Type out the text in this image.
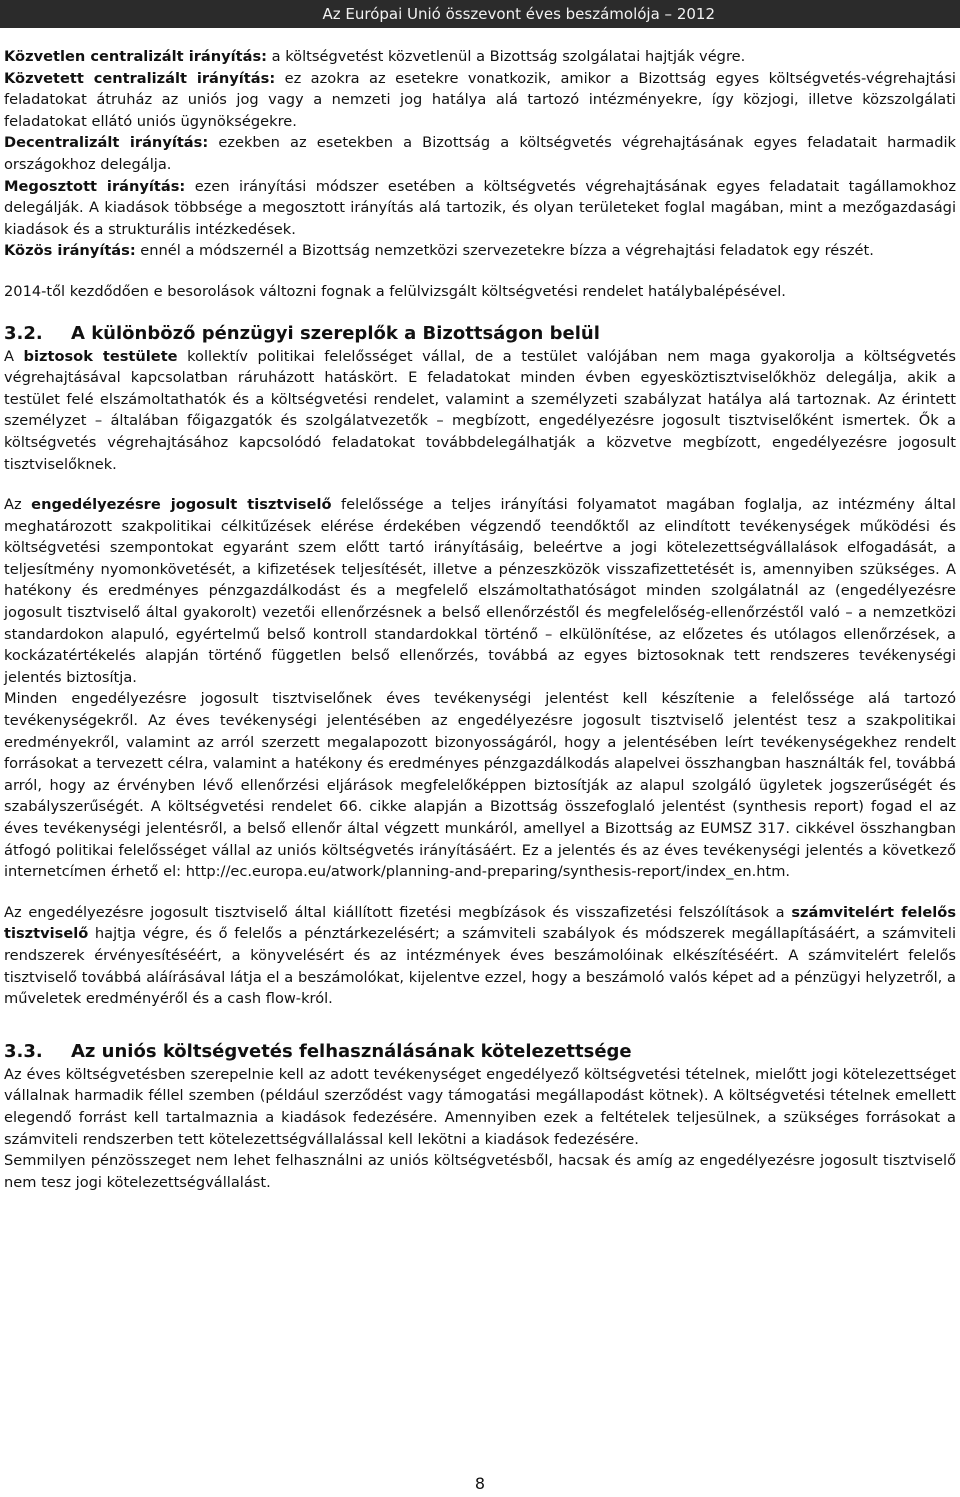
Az Európai Unió összevont éves beszámolója – 2012

Közvetlen centralizált irányítás: a költségvetést közvetlenül a Bizottság szolgálatai hajtják végre.

Közvetett centralizált irányítás: ez azokra az esetekre vonatkozik, amikor a Bizottság egyes költségvetés-végrehajtási feladatokat átruház az uniós jog vagy a nemzeti jog hatálya alá tartozó intézményekre, így közjogi, illetve közszolgálati feladatokat ellátó uniós ügynökségekre.

Decentralizált irányítás: ezekben az esetekben a Bizottság a költségvetés végrehajtásának egyes feladatait harmadik országokhoz delegálja.

Megosztott irányítás: ezen irányítási módszer esetében a költségvetés végrehajtásának egyes feladatait tagállamokhoz delegálják. A kiadások többsége a megosztott irányítás alá tartozik, és olyan területeket foglal magában, mint a mezőgazdasági kiadások és a strukturális intézkedések.

Közös irányítás: ennél a módszernél a Bizottság nemzetközi szervezetekre bízza a végrehajtási feladatok egy részét.

2014-től kezdődően e besorolások változni fognak a felülvizsgált költségvetési rendelet hatálybalépésével.

3.2. A különböző pénzügyi szereplők a Bizottságon belül

A biztosok testülete kollektív politikai felelősséget vállal, de a testület valójában nem maga gyakorolja a költségvetés végrehajtásával kapcsolatban ráruházott hatáskört. E feladatokat minden évben egyesköztisztviselőkhöz delegálja, akik a testület felé elszámoltathatók és a költségvetési rendelet, valamint a személyzeti szabályzat hatálya alá tartoznak. Az érintett személyzet – általában főigazgatók és szolgálatvezetők – megbízott, engedélyezésre jogosult tisztviselőként ismertek. Ők a költségvetés végrehajtásához kapcsolódó feladatokat továbbdelegálhatják a közvetve megbízott, engedélyezésre jogosult tisztviselőknek.

Az engedélyezésre jogosult tisztviselő felelőssége a teljes irányítási folyamatot magában foglalja, az intézmény által meghatározott szakpolitikai célkitűzések elérése érdekében végzendő teendőktől az elindított tevékenységek működési és költségvetési szempontokat egyaránt szem előtt tartó irányításáig, beleértve a jogi kötelezettségvállalások elfogadását, a teljesítmény nyomonkövetését, a kifizetések teljesítését, illetve a pénzeszközök visszafizettetését is, amennyiben szükséges. A hatékony és eredményes pénzgazdálkodást és a megfelelő elszámoltathatóságot minden szolgálatnál az (engedélyezésre jogosult tisztviselő által gyakorolt) vezetői ellenőrzésnek a belső ellenőrzéstől és megfelelőség-ellenőrzéstől való – a nemzetközi standardokon alapuló, egyértelmű belső kontroll standardokkal történő – elkülönítése, az előzetes és utólagos ellenőrzések, a kockázatértékelés alapján történő független belső ellenőrzés, továbbá az egyes biztosoknak tett rendszeres tevékenységi jelentés biztosítja.

Minden engedélyezésre jogosult tisztviselőnek éves tevékenységi jelentést kell készítenie a felelőssége alá tartozó tevékenységekről. Az éves tevékenységi jelentésében az engedélyezésre jogosult tisztviselő jelentést tesz a szakpolitikai eredményekről, valamint az arról szerzett megalapozott bizonyosságáról, hogy a jelentésében leírt tevékenységekhez rendelt forrásokat a tervezett célra, valamint a hatékony és eredményes pénzgazdálkodás alapelvei összhangban használták fel, továbbá arról, hogy az érvényben lévő ellenőrzési eljárások megfelelőképpen biztosítják az alapul szolgáló ügyletek jogszerűségét és szabályszerűségét. A költségvetési rendelet 66. cikke alapján a Bizottság összefoglaló jelentést (synthesis report) fogad el az éves tevékenységi jelentésről, a belső ellenőr által végzett munkáról, amellyel a Bizottság az EUMSZ 317. cikkével összhangban átfogó politikai felelősséget vállal az uniós költségvetés irányításáért. Ez a jelentés és az éves tevékenységi jelentés a következő internetcímen érhető el: http://ec.europa.eu/atwork/planning-and-preparing/synthesis-report/index_en.htm.

Az engedélyezésre jogosult tisztviselő által kiállított fizetési megbízások és visszafizetési felszólítások a számvitelért felelős tisztviselő hajtja végre, és ő felelős a pénztárkezelésért; a számviteli szabályok és módszerek megállapításáért, a számviteli rendszerek érvényesítéséért, a könyvelésért és az intézmények éves beszámolóinak elkészítéséért. A számvitelért felelős tisztviselő továbbá aláírásával látja el a beszámolókat, kijelentve ezzel, hogy a beszámoló valós képet ad a pénzügyi helyzetről, a műveletek eredményéről és a cash flow-król.

3.3. Az uniós költségvetés felhasználásának kötelezettsége

Az éves költségvetésben szerepelnie kell az adott tevékenységet engedélyező költségvetési tételnek, mielőtt jogi kötelezettséget vállalnak harmadik féllel szemben (például szerződést vagy támogatási megállapodást kötnek). A költségvetési tételnek emellett elegendő forrást kell tartalmaznia a kiadások fedezésére. Amennyiben ezek a feltételek teljesülnek, a szükséges forrásokat a számviteli rendszerben tett kötelezettségvállalással kell lekötni a kiadások fedezésére.

Semmilyen pénzösszeget nem lehet felhasználni az uniós költségvetésből, hacsak és amíg az engedélyezésre jogosult tisztviselő nem tesz jogi kötelezettségvállalást.

8
